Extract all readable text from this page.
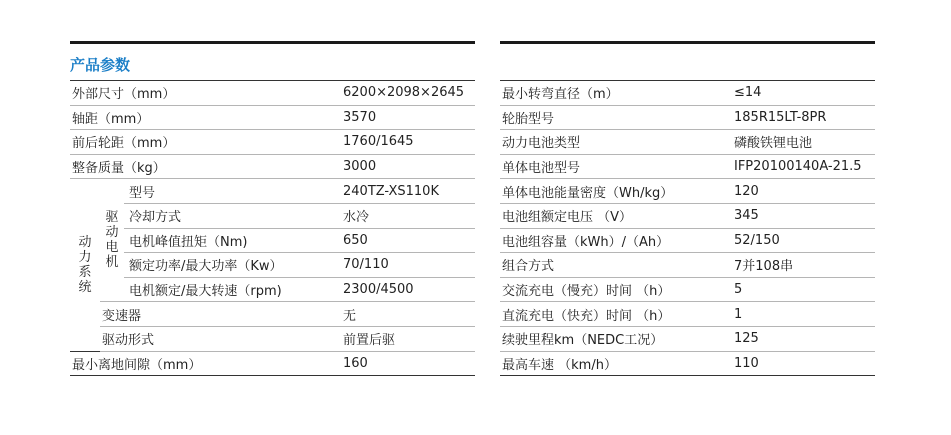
产品参数
外部尺寸（mm）			6200×2098×2645
轴距（mm）			3570
前后轮距（mm）			1760/1645
整备质量（kg）			3000
动力系统	驱动电机	型号	240TZ-XS110K
		冷却方式	水冷
		电机峰值扭矩（Nm)	650
		额定功率/最大功率（Kw）	70/110
		电机额定/最大转速（rpm)	2300/4500
	变速器		无
	驱动形式		前置后驱
最小离地间隙（mm）			160
最小转弯直径（m）	≤14
轮胎型号	185R15LT-8PR
动力电池类型	磷酸铁锂电池
单体电池型号	IFP20100140A-21.5
单体电池能量密度（Wh/kg）	120
电池组额定电压 （V）	345
电池组容量（kWh）/（Ah）	52/150
组合方式	7并108串
交流充电（慢充）时间 （h）	5
直流充电（快充）时间 （h）	1
续驶里程km（NEDC工况）	125
最高车速 （km/h）	110
